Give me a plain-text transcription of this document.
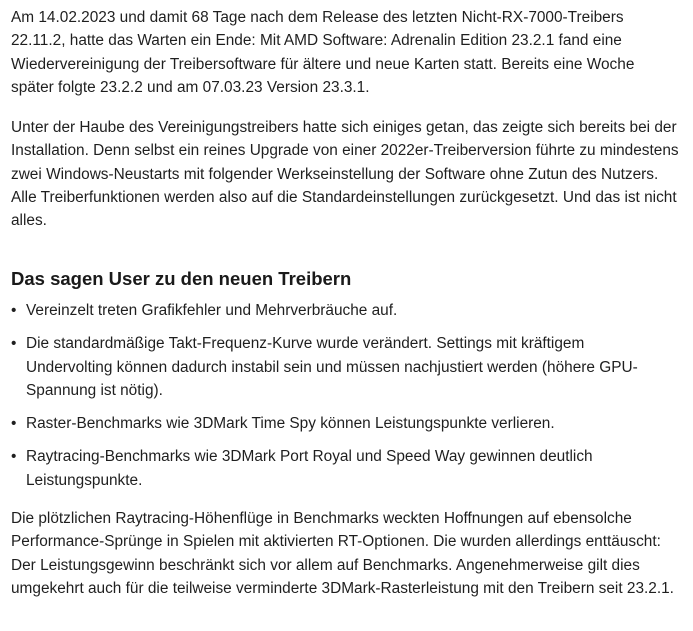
Am 14.02.2023 und damit 68 Tage nach dem Release des letzten Nicht-RX-7000-Treibers 22.11.2, hatte das Warten ein Ende: Mit AMD Software: Adrenalin Edition 23.2.1 fand eine Wiedervereinigung der Treibersoftware für ältere und neue Karten statt. Bereits eine Woche später folgte 23.2.2 und am 07.03.23 Version 23.3.1.

Unter der Haube des Vereinigungstreibers hatte sich einiges getan, das zeigte sich bereits bei der Installation. Denn selbst ein reines Upgrade von einer 2022er-Treiberversion führte zu mindestens zwei Windows-Neustarts mit folgender Werkseinstellung der Software ohne Zutun des Nutzers. Alle Treiberfunktionen werden also auf die Standardeinstellungen zurückgesetzt. Und das ist nicht alles.

Das sagen User zu den neuen Treibern
• Vereinzelt treten Grafikfehler und Mehrverbräuche auf.
• Die standardmäßige Takt-Frequenz-Kurve wurde verändert. Settings mit kräftigem Undervolting können dadurch instabil sein und müssen nachjustiert werden (höhere GPU-Spannung ist nötig).
• Raster-Benchmarks wie 3DMark Time Spy können Leistungspunkte verlieren.
• Raytracing-Benchmarks wie 3DMark Port Royal und Speed Way gewinnen deutlich Leistungspunkte.

Die plötzlichen Raytracing-Höhenflüge in Benchmarks weckten Hoffnungen auf ebensolche Performance-Sprünge in Spielen mit aktivierten RT-Optionen. Die wurden allerdings enttäuscht: Der Leistungsgewinn beschränkt sich vor allem auf Benchmarks. Angenehmerweise gilt dies umgekehrt auch für die teilweise verminderte 3DMark-Rasterleistung mit den Treibern seit 23.2.1.
